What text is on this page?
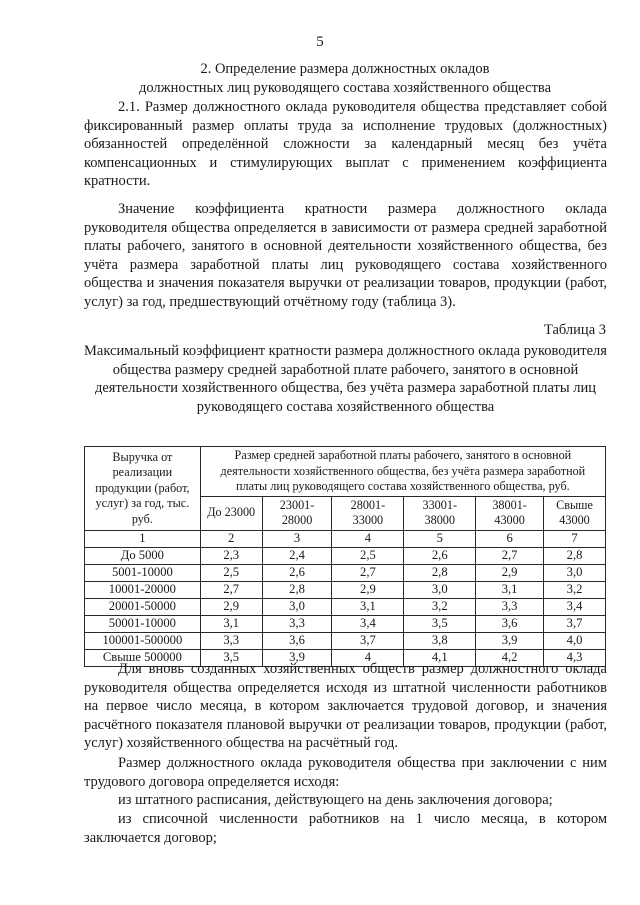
5
2. Определение размера должностных окладов
должностных лиц руководящего состава хозяйственного общества

2.1. Размер должностного оклада руководителя общества представляет собой фиксированный размер оплаты труда за исполнение трудовых (должностных) обязанностей определённой сложности за календарный месяц без учёта компенсационных и стимулирующих выплат с применением коэффициента кратности.

Значение коэффициента кратности размера должностного оклада руководителя общества определяется в зависимости от размера средней заработной платы рабочего, занятого в основной деятельности хозяйственного общества, без учёта размера заработной платы лиц руководящего состава хозяйственного общества и значения показателя выручки от реализации товаров, продукции (работ, услуг) за год, предшествующий отчётному году (таблица 3).

Таблица 3
Максимальный коэффициент кратности размера должностного оклада руководителя общества размеру средней заработной плате рабочего, занятого в основной деятельности хозяйственного общества, без учёта размера заработной платы лиц руководящего состава хозяйственного общества
Выручка от реализации продукции (работ, услуг) за год, тыс. руб.	Размер средней заработной платы рабочего, занятого в основной деятельности хозяйственного общества, без учёта размера заработной платы лиц руководящего состава хозяйственного общества, руб.					
	До 23000	23001-28000	28001-33000	33001-38000	38001-43000	Свыше 43000
1	2	3	4	5	6	7
До 5000	2,3	2,4	2,5	2,6	2,7	2,8
5001-10000	2,5	2,6	2,7	2,8	2,9	3,0
10001-20000	2,7	2,8	2,9	3,0	3,1	3,2
20001-50000	2,9	3,0	3,1	3,2	3,3	3,4
50001-10000	3,1	3,3	3,4	3,5	3,6	3,7
100001-500000	3,3	3,6	3,7	3,8	3,9	4,0
Свыше 500000	3,5	3,9	4	4,1	4,2	4,3

Для вновь созданных хозяйственных обществ размер должностного оклада руководителя общества определяется исходя из штатной численности работников на первое число месяца, в котором заключается трудовой договор, и значения расчётного показателя плановой выручки от реализации товаров, продукции (работ, услуг) хозяйственного общества на расчётный год.

Размер должностного оклада руководителя общества при заключении с ним трудового договора определяется исходя:

из штатного расписания, действующего на день заключения договора;

из списочной численности работников на 1 число месяца, в котором заключается договор;
